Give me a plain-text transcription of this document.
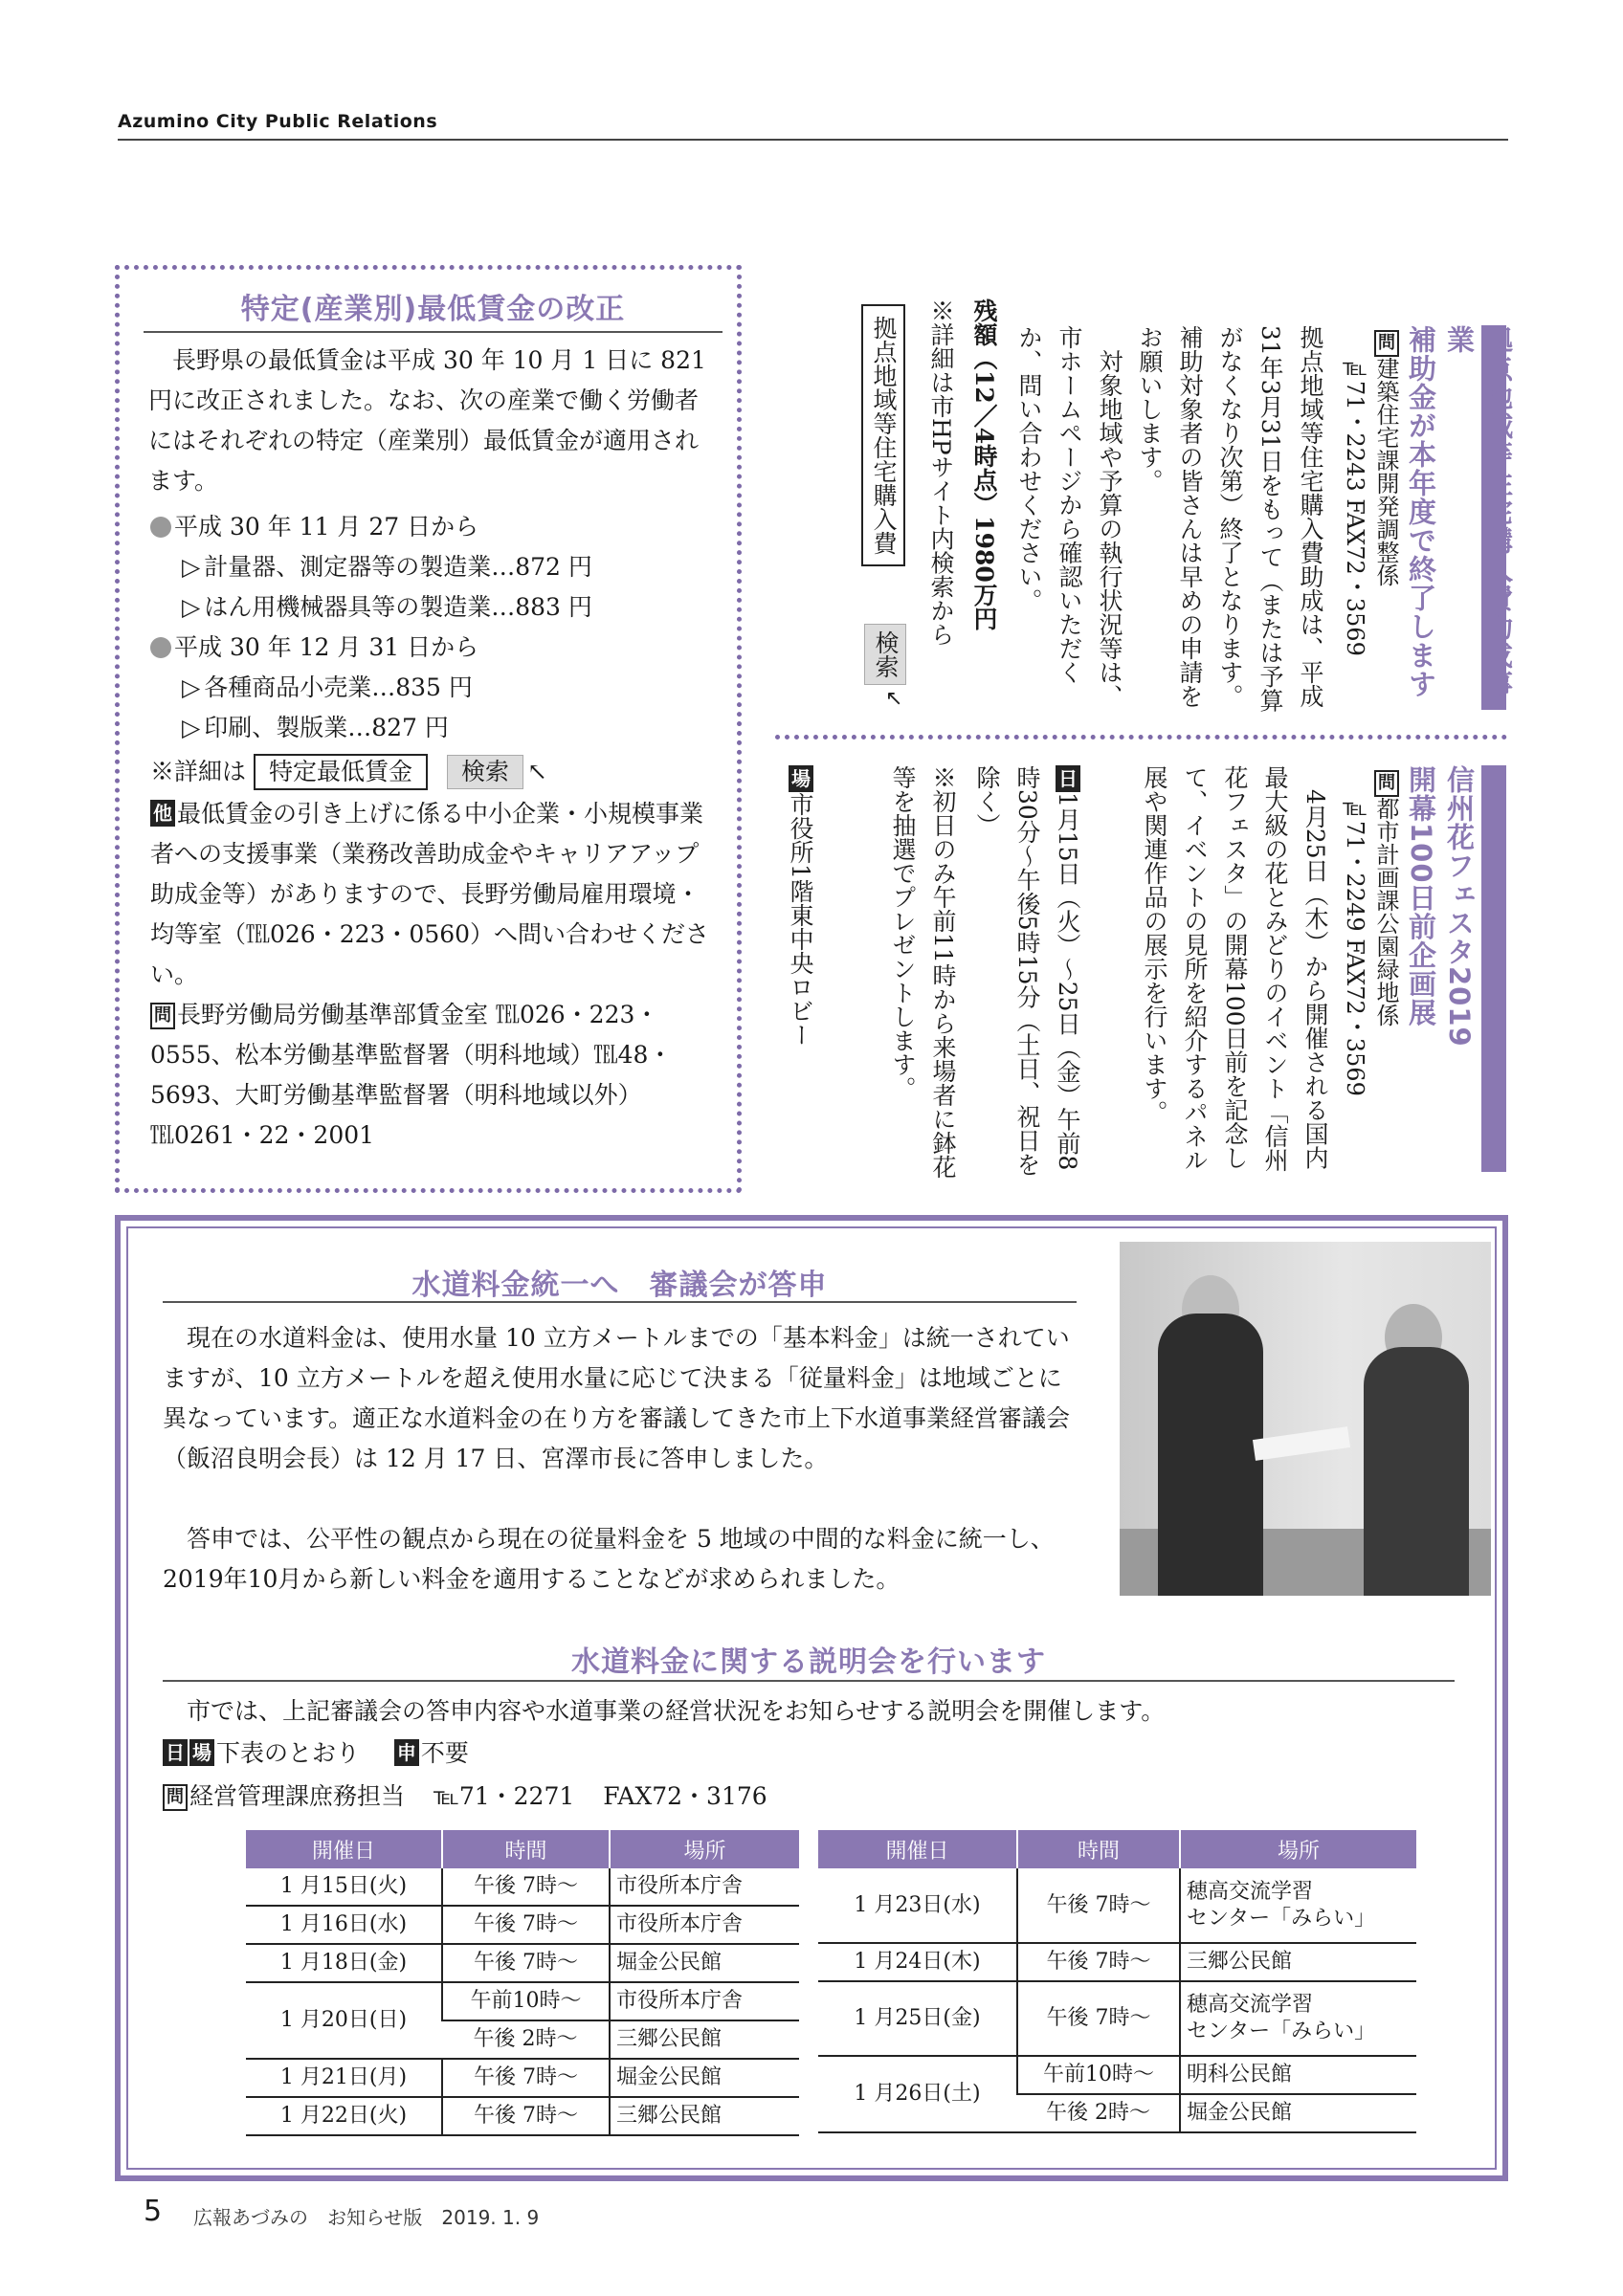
Azumino City Public Relations
特定(産業別)最低賃金の改正
長野県の最低賃金は平成 30 年 10 月 1 日に 821 円に改正されました。なお、次の産業で働く労働者にはそれぞれの特定（産業別）最低賃金が適用されます。
平成 30 年 11 月 27 日から
▷ 計量器、測定器等の製造業…872 円
▷ はん用機械器具等の製造業…883 円
平成 30 年 12 月 31 日から
▷ 各種商品小売業…835 円
▷ 印刷、製版業…827 円
※詳細は 特定最低賃金 検索 ↖
他 最低賃金の引き上げに係る中小企業・小規模事業者への支援事業（業務改善助成金やキャリアアップ助成金等）がありますので、長野労働局雇用環境・均等室（℡026・223・0560）へ問い合わせください。
問 長野労働局労働基準部賃金室 ℡026・223・0555、松本労働基準監督署（明科地域）℡48・5693、大町労働基準監督署（明科地域以外）℡0261・22・2001
拠点地域等住宅購入費助成事業
補助金が本年度で終了します
問建築住宅課開発調整係
℡71・2243 FAX72・3569
拠点地域等住宅購入費助成は、平成31年3月31日をもって（または予算がなくなり次第）終了となります。補助対象者の皆さんは早めの申請をお願いします。
対象地域や予算の執行状況等は、市ホームページから確認いただくか、問い合わせください。
残額（12／4時点）1980万円
※詳細は市HPサイト内検索から
拠点地域等住宅購入費
検索
↖
信州花フェスタ2019
開幕100日前企画展
問都市計画課公園緑地係
℡71・2249 FAX72・3569
4月25日（木）から開催される国内最大級の花とみどりのイベント「信州花フェスタ」の開幕100日前を記念して、イベントの見所を紹介するパネル展や関連作品の展示を行います。
日1月15日（火）～25日（金）午前8時30分～午後5時15分（土日、祝日を除く）
※初日のみ午前11時から来場者に鉢花等を抽選でプレゼントします。
場市役所1階東中央ロビー
水道料金統一へ　審議会が答申
現在の水道料金は、使用水量 10 立方メートルまでの「基本料金」は統一されていますが、10 立方メートルを超え使用水量に応じて決まる「従量料金」は地域ごとに異なっています。適正な水道料金の在り方を審議してきた市上下水道事業経営審議会（飯沼良明会長）は 12 月 17 日、宮澤市長に答申しました。
答申では、公平性の観点から現在の従量料金を 5 地域の中間的な料金に統一し、2019年10月から新しい料金を適用することなどが求められました。
水道料金に関する説明会を行います
市では、上記審議会の答申内容や水道事業の経営状況をお知らせする説明会を開催します。
日 場 下表のとおり 申 不要
問 経営管理課庶務担当 ℡71・2271 FAX72・3176
開催日	時間	場所
1 月15日(火)	午後 7時～	市役所本庁舎
1 月16日(水)	午後 7時～	市役所本庁舎
1 月18日(金)	午後 7時～	堀金公民館
1 月20日(日)	午前10時～	市役所本庁舎
	午後 2時～	三郷公民館
1 月21日(月)	午後 7時～	堀金公民館
1 月22日(火)	午後 7時～	三郷公民館
開催日	時間	場所
1 月23日(水)	午後 7時～	穂高交流学習
センター「みらい」
1 月24日(木)	午後 7時～	三郷公民館
1 月25日(金)	午後 7時～	穂高交流学習
センター「みらい」
1 月26日(土)	午前10時～	明科公民館
	午後 2時～	堀金公民館
5 広報あづみの　お知らせ版　2019. 1. 9
